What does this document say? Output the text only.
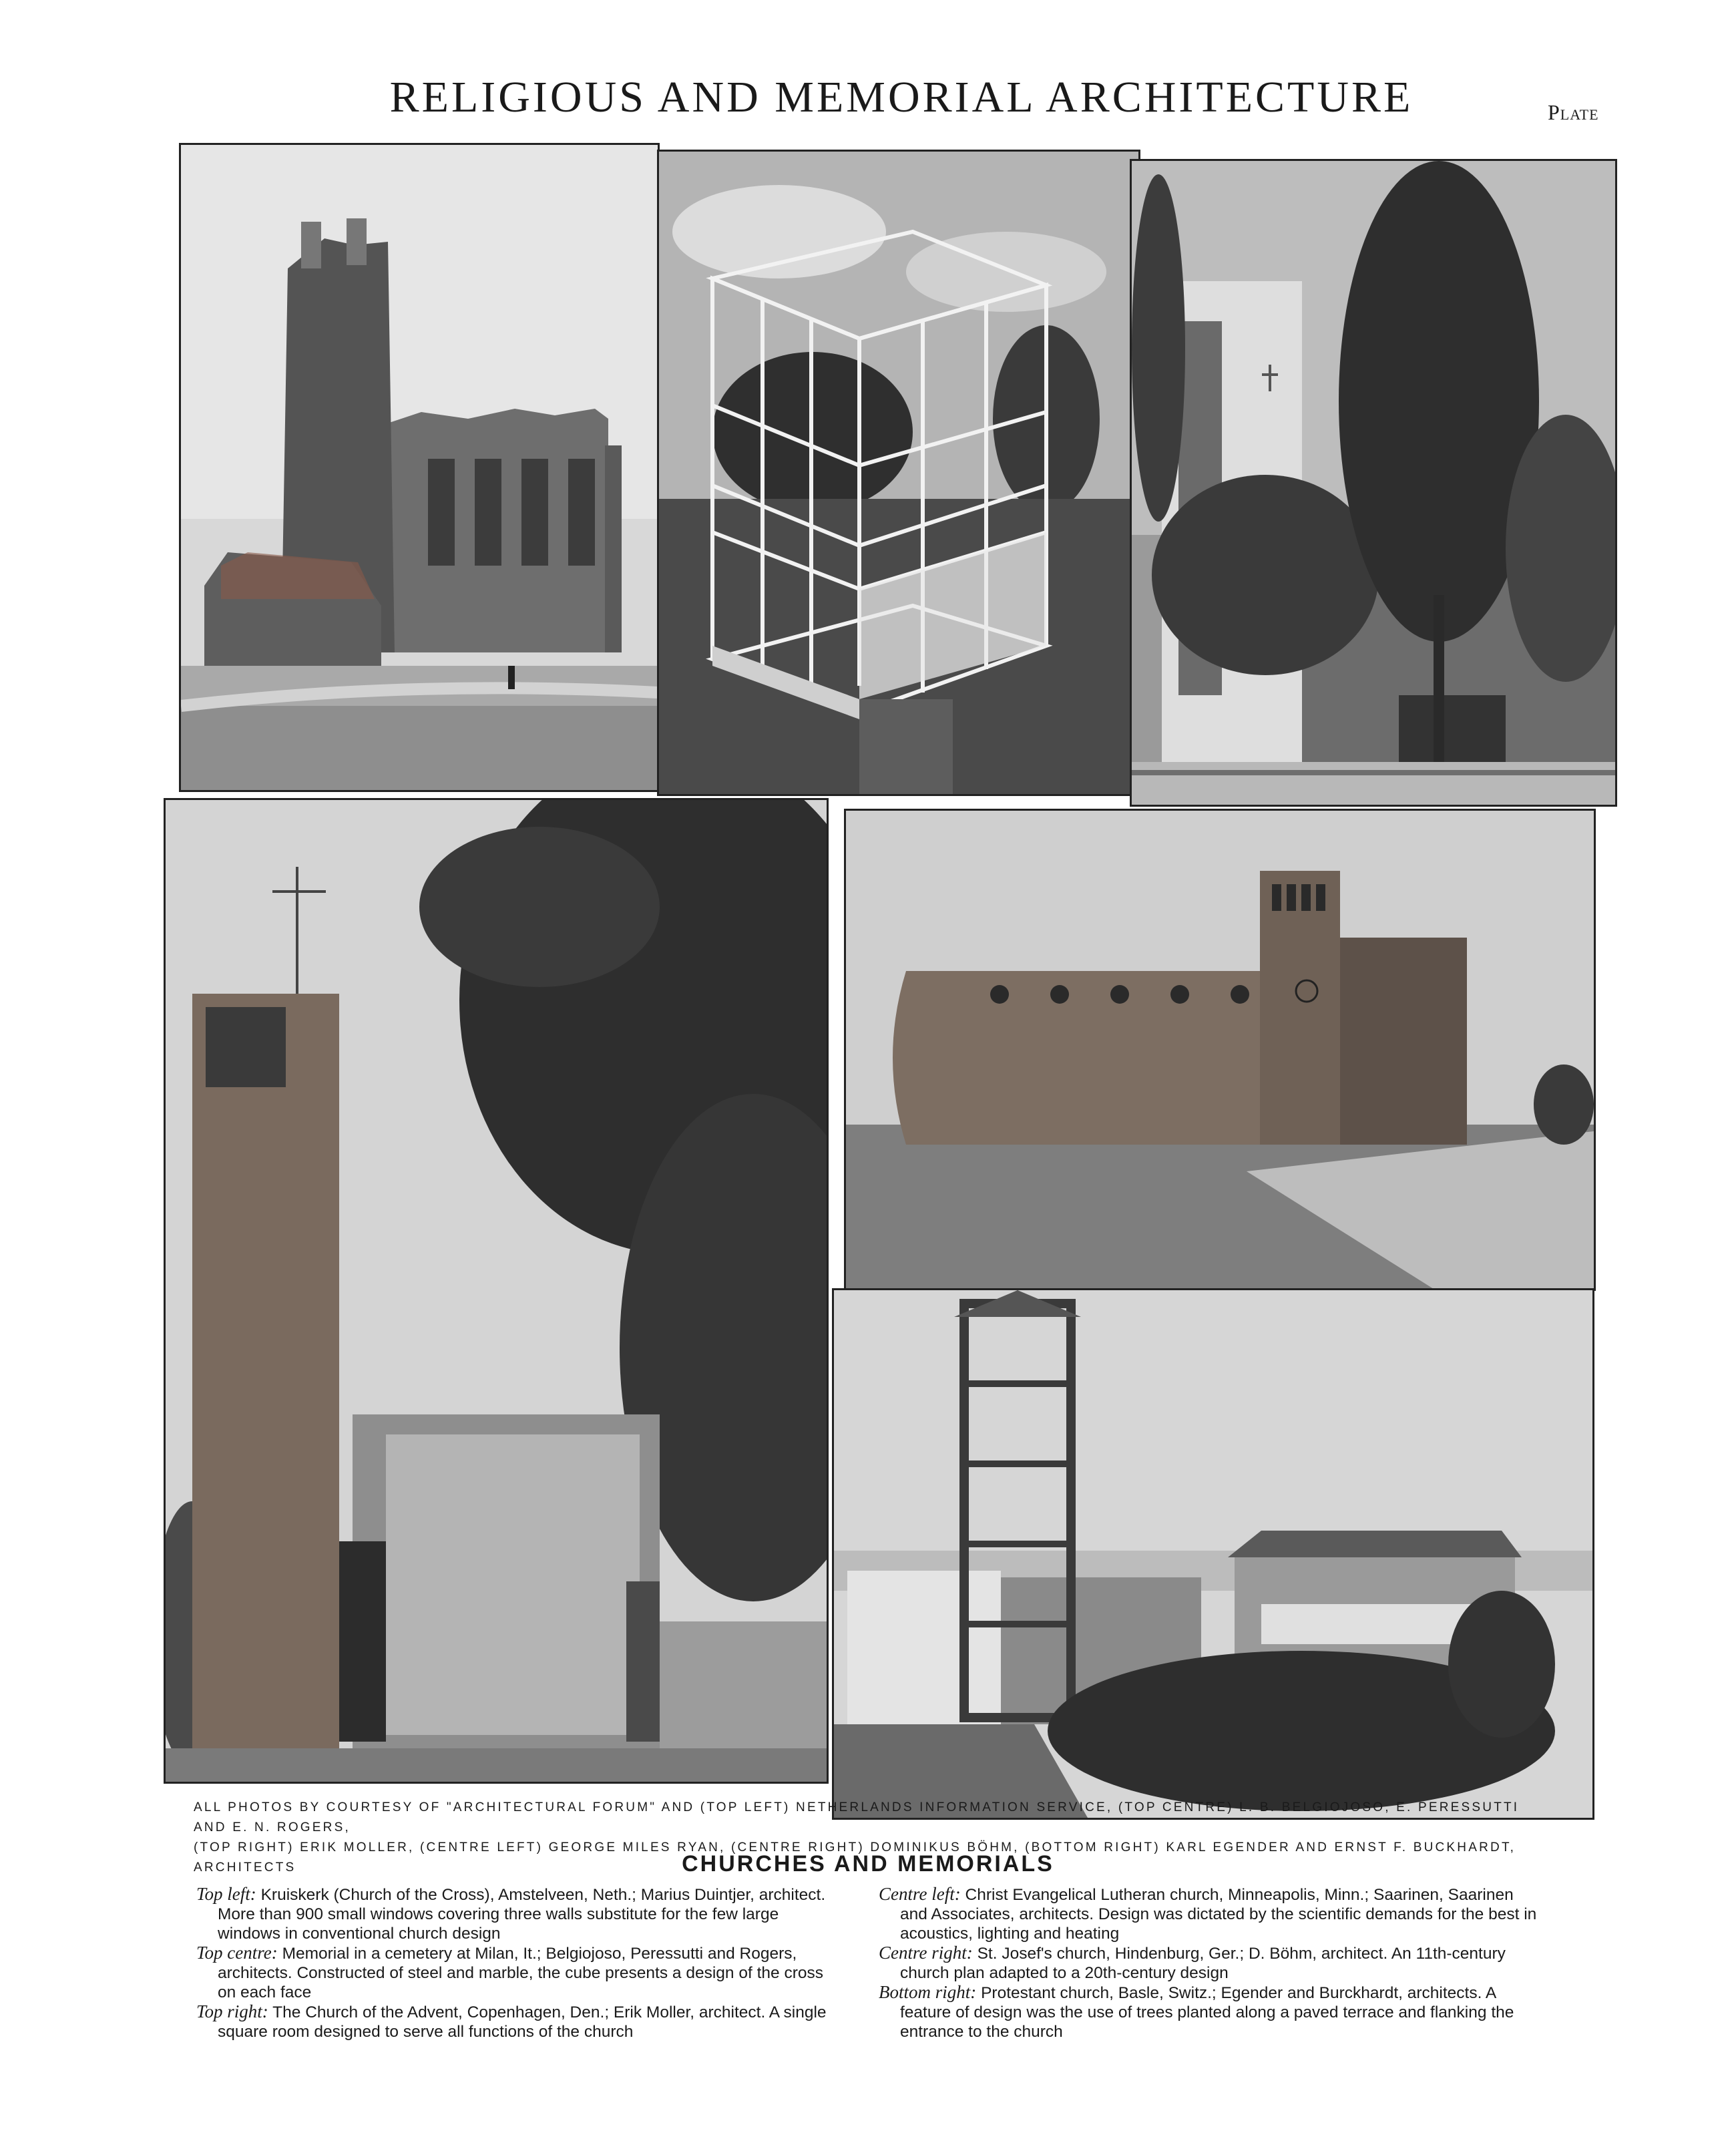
RELIGIOUS AND MEMORIAL ARCHITECTURE	Plate
ALL PHOTOS BY COURTESY OF "ARCHITECTURAL FORUM" AND (TOP LEFT) NETHERLANDS INFORMATION SERVICE, (TOP CENTRE) L. B. BELGIOJOSO, E. PERESSUTTI AND E. N. ROGERS,
(TOP RIGHT) ERIK MOLLER, (CENTRE LEFT) GEORGE MILES RYAN, (CENTRE RIGHT) DOMINIKUS BÖHM, (BOTTOM RIGHT) KARL EGENDER AND ERNST F. BUCKHARDT, ARCHITECTS	CHURCHES AND MEMORIALS

Top left: Kruiskerk (Church of the Cross), Amstelveen, Neth.; Marius Duintjer, architect. More than 900 small windows covering three walls substitute for the few large windows in conventional church design

Top centre: Memorial in a cemetery at Milan, It.; Belgiojoso, Peressutti and Rogers, architects. Constructed of steel and marble, the cube presents a design of the cross on each face

Top right: The Church of the Advent, Copenhagen, Den.; Erik Moller, architect. A single square room designed to serve all functions of the church

Centre left: Christ Evangelical Lutheran church, Minneapolis, Minn.; Saarinen, Saarinen and Associates, architects. Design was dictated by the scientific demands for the best in acoustics, lighting and heating

Centre right: St. Josef's church, Hindenburg, Ger.; D. Böhm, architect. An 11th-century church plan adapted to a 20th-century design

Bottom right: Protestant church, Basle, Switz.; Egender and Burckhardt, architects. A feature of design was the use of trees planted along a paved terrace and flanking the entrance to the church
